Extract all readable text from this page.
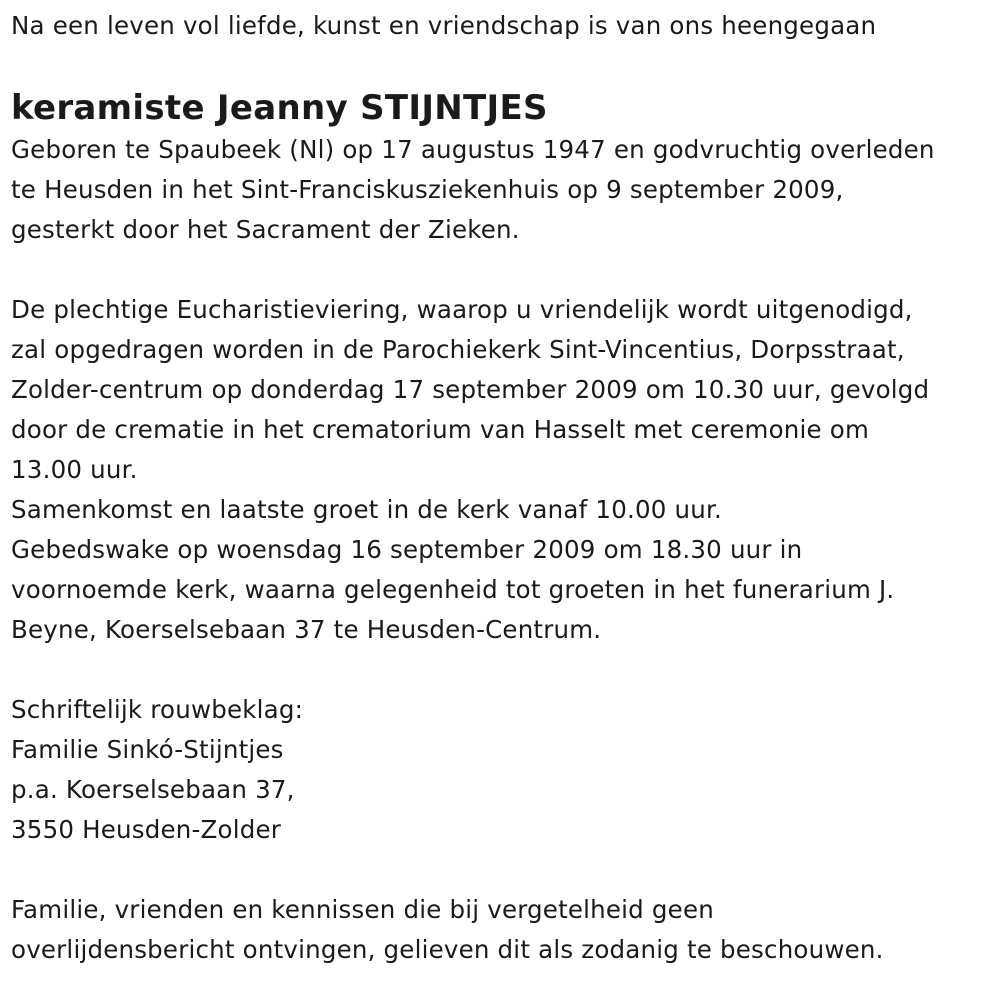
Na een leven vol liefde, kunst en vriendschap is van ons heengegaan
keramiste Jeanny STIJNTJES
Geboren te Spaubeek (Nl) op 17 augustus 1947 en godvruchtig overleden
te Heusden in het Sint-Franciskusziekenhuis op 9 september 2009,
gesterkt door het Sacrament der Zieken.
De plechtige Eucharistieviering, waarop u vriendelijk wordt uitgenodigd,
zal opgedragen worden in de Parochiekerk Sint-Vincentius, Dorpsstraat,
Zolder-centrum op donderdag 17 september 2009 om 10.30 uur, gevolgd
door de crematie in het crematorium van Hasselt met ceremonie om
13.00 uur.
Samenkomst en laatste groet in de kerk vanaf 10.00 uur.
Gebedswake op woensdag 16 september 2009 om 18.30 uur in
voornoemde kerk, waarna gelegenheid tot groeten in het funerarium J.
Beyne, Koerselsebaan 37 te Heusden-Centrum.
Schriftelijk rouwbeklag:
Familie Sinkó-Stijntjes
p.a. Koerselsebaan 37,
3550 Heusden-Zolder
Familie, vrienden en kennissen die bij vergetelheid geen
overlijdensbericht ontvingen, gelieven dit als zodanig te beschouwen.
